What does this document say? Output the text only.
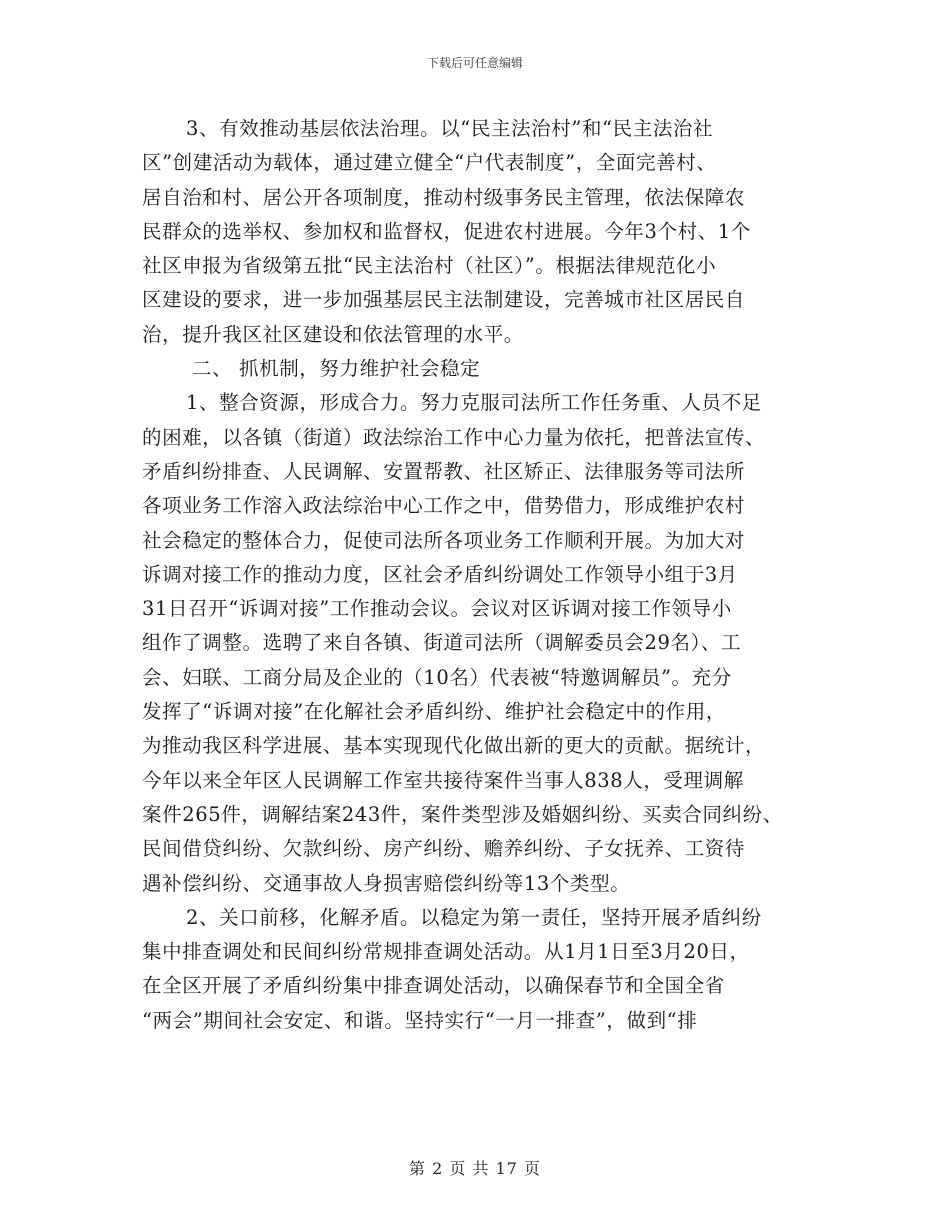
下载后可任意编辑
3、有效推动基层依法治理。以“民主法治村”和“民主法治社
区”创建活动为载体，通过建立健全“户代表制度”，全面完善村、
居自治和村、居公开各项制度，推动村级事务民主管理，依法保障农
民群众的选举权、参加权和监督权，促进农村进展。今年3个村、1个
社区申报为省级第五批“民主法治村（社区）”。根据法律规范化小
区建设的要求，进一步加强基层民主法制建设，完善城市社区居民自
治，提升我区社区建设和依法管理的水平。
二、 抓机制，努力维护社会稳定
1、整合资源，形成合力。努力克服司法所工作任务重、人员不足
的困难，以各镇（街道）政法综治工作中心力量为依托，把普法宣传、
矛盾纠纷排查、人民调解、安置帮教、社区矫正、法律服务等司法所
各项业务工作溶入政法综治中心工作之中，借势借力，形成维护农村
社会稳定的整体合力，促使司法所各项业务工作顺利开展。为加大对
诉调对接工作的推动力度，区社会矛盾纠纷调处工作领导小组于3月
31日召开“诉调对接”工作推动会议。会议对区诉调对接工作领导小
组作了调整。选聘了来自各镇、街道司法所（调解委员会29名）、工
会、妇联、工商分局及企业的（10名）代表被“特邀调解员”。充分
发挥了“诉调对接”在化解社会矛盾纠纷、维护社会稳定中的作用，
为推动我区科学进展、基本实现现代化做出新的更大的贡献。据统计，
今年以来全年区人民调解工作室共接待案件当事人838人，受理调解
案件265件，调解结案243件，案件类型涉及婚姻纠纷、买卖合同纠纷、
民间借贷纠纷、欠款纠纷、房产纠纷、赡养纠纷、子女抚养、工资待
遇补偿纠纷、交通事故人身损害赔偿纠纷等13个类型。
2、关口前移，化解矛盾。以稳定为第一责任，坚持开展矛盾纠纷
集中排查调处和民间纠纷常规排查调处活动。从1月1日至3月20日，
在全区开展了矛盾纠纷集中排查调处活动，以确保春节和全国全省
“两会”期间社会安定、和谐。坚持实行“一月一排查”，做到“排
第 2 页 共 17 页
